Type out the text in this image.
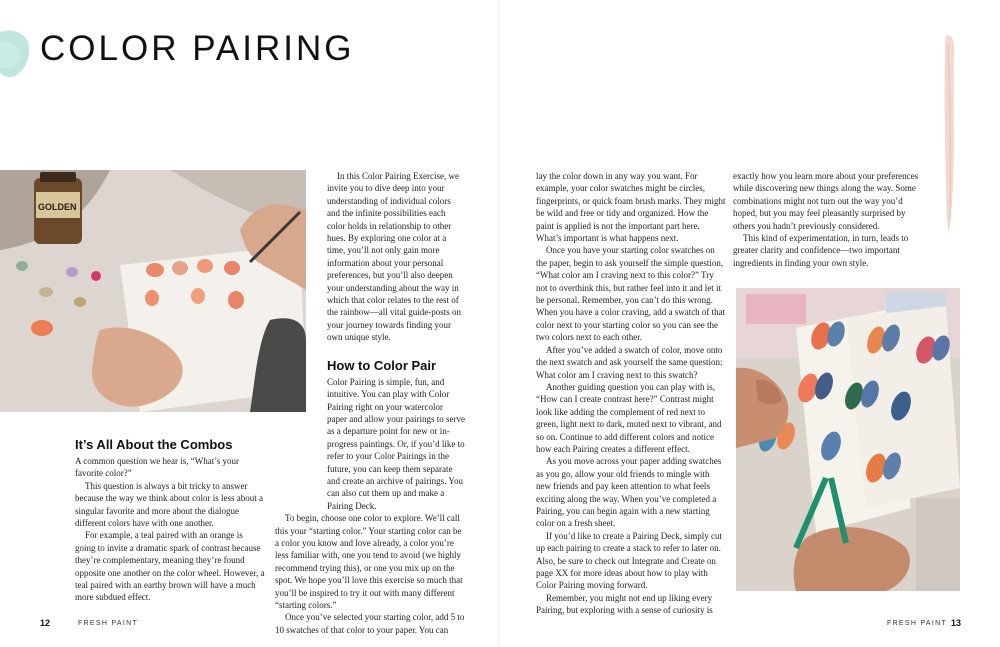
COLOR PAIRING
GOLDEN
It’s All About the Combos

A common question we hear is, “What’s your favorite color?”

This question is always a bit tricky to answer because the way we think about color is less about a singular favorite and more about the dialogue different colors have with one another.

For example, a teal paired with an orange is going to invite a dramatic spark of contrast because they’re complementary, meaning they’re found opposite one another on the color wheel. However, a teal paired with an earthy brown will have a much more subdued effect.

In this Color Pairing Exercise, we invite you to dive deep into your understanding of individual colors and the infinite possibilities each color holds in relationship to other hues. By exploring one color at a time, you’ll not only gain more information about your personal preferences, but you’ll also deepen your understanding about the way in which that color relates to the rest of the rainbow—all vital guide-posts on your journey towards finding your own unique style.

How to Color Pair

Color Pairing is simple, fun, and intuitive. You can play with Color Pairing right on your watercolor paper and allow your pairings to serve as a departure point for new or in-progress paintings. Or, if you’d like to refer to your Color Pairings in the future, you can keep them separate and create an archive of pairings. You can also cut them up and make a Pairing Deck.

To begin, choose one color to explore. We’ll call this your “starting color.” Your starting color can be a color you know and love already, a color you’re less familiar with, one you tend to avoid (we highly recommend trying this), or one you mix up on the spot. We hope you’ll love this exercise so much that you’ll be inspired to try it out with many different “starting colors.”

Once you’ve selected your starting color, add 5 to 10 swatches of that color to your paper. You can

lay the color down in any way you want. For example, your color swatches might be circles, fingerprints, or quick foam brush marks. They might be wild and free or tidy and organized. How the paint is applied is not the important part here. What’s important is what happens next.

Once you have your starting color swatches on the paper, begin to ask yourself the simple question, “What color am I craving next to this color?” Try not to overthink this, but rather feel into it and let it be personal. Remember, you can’t do this wrong. When you have a color craving, add a swatch of that color next to your starting color so you can see the two colors next to each other.

After you’ve added a swatch of color, move onto the next swatch and ask yourself the same question: What color am I craving next to this swatch?

Another guiding question you can play with is, “How can I create contrast here?” Contrast might look like adding the complement of red next to green, light next to dark, muted next to vibrant, and so on. Continue to add different colors and notice how each Pairing creates a different effect.

As you move across your paper adding swatches as you go, allow your old friends to mingle with new friends and pay keen attention to what feels exciting along the way. When you’ve completed a Pairing, you can begin again with a new starting color on a fresh sheet.

If you’d like to create a Pairing Deck, simply cut up each pairing to create a stack to refer to later on. Also, be sure to check out Integrate and Create on page XX for more ideas about how to play with Color Pairing moving forward.

Remember, you might not end up liking every Pairing, but exploring with a sense of curiosity is

exactly how you learn more about your preferences while discovering new things along the way. Some combinations might not turn out the way you’d hoped, but you may feel pleasantly surprised by others you hadn’t previously considered.

This kind of experimentation, in turn, leads to greater clarity and confidence—two important ingredients in finding your own style.

12	FRESH PAINT	FRESH PAINT 13
